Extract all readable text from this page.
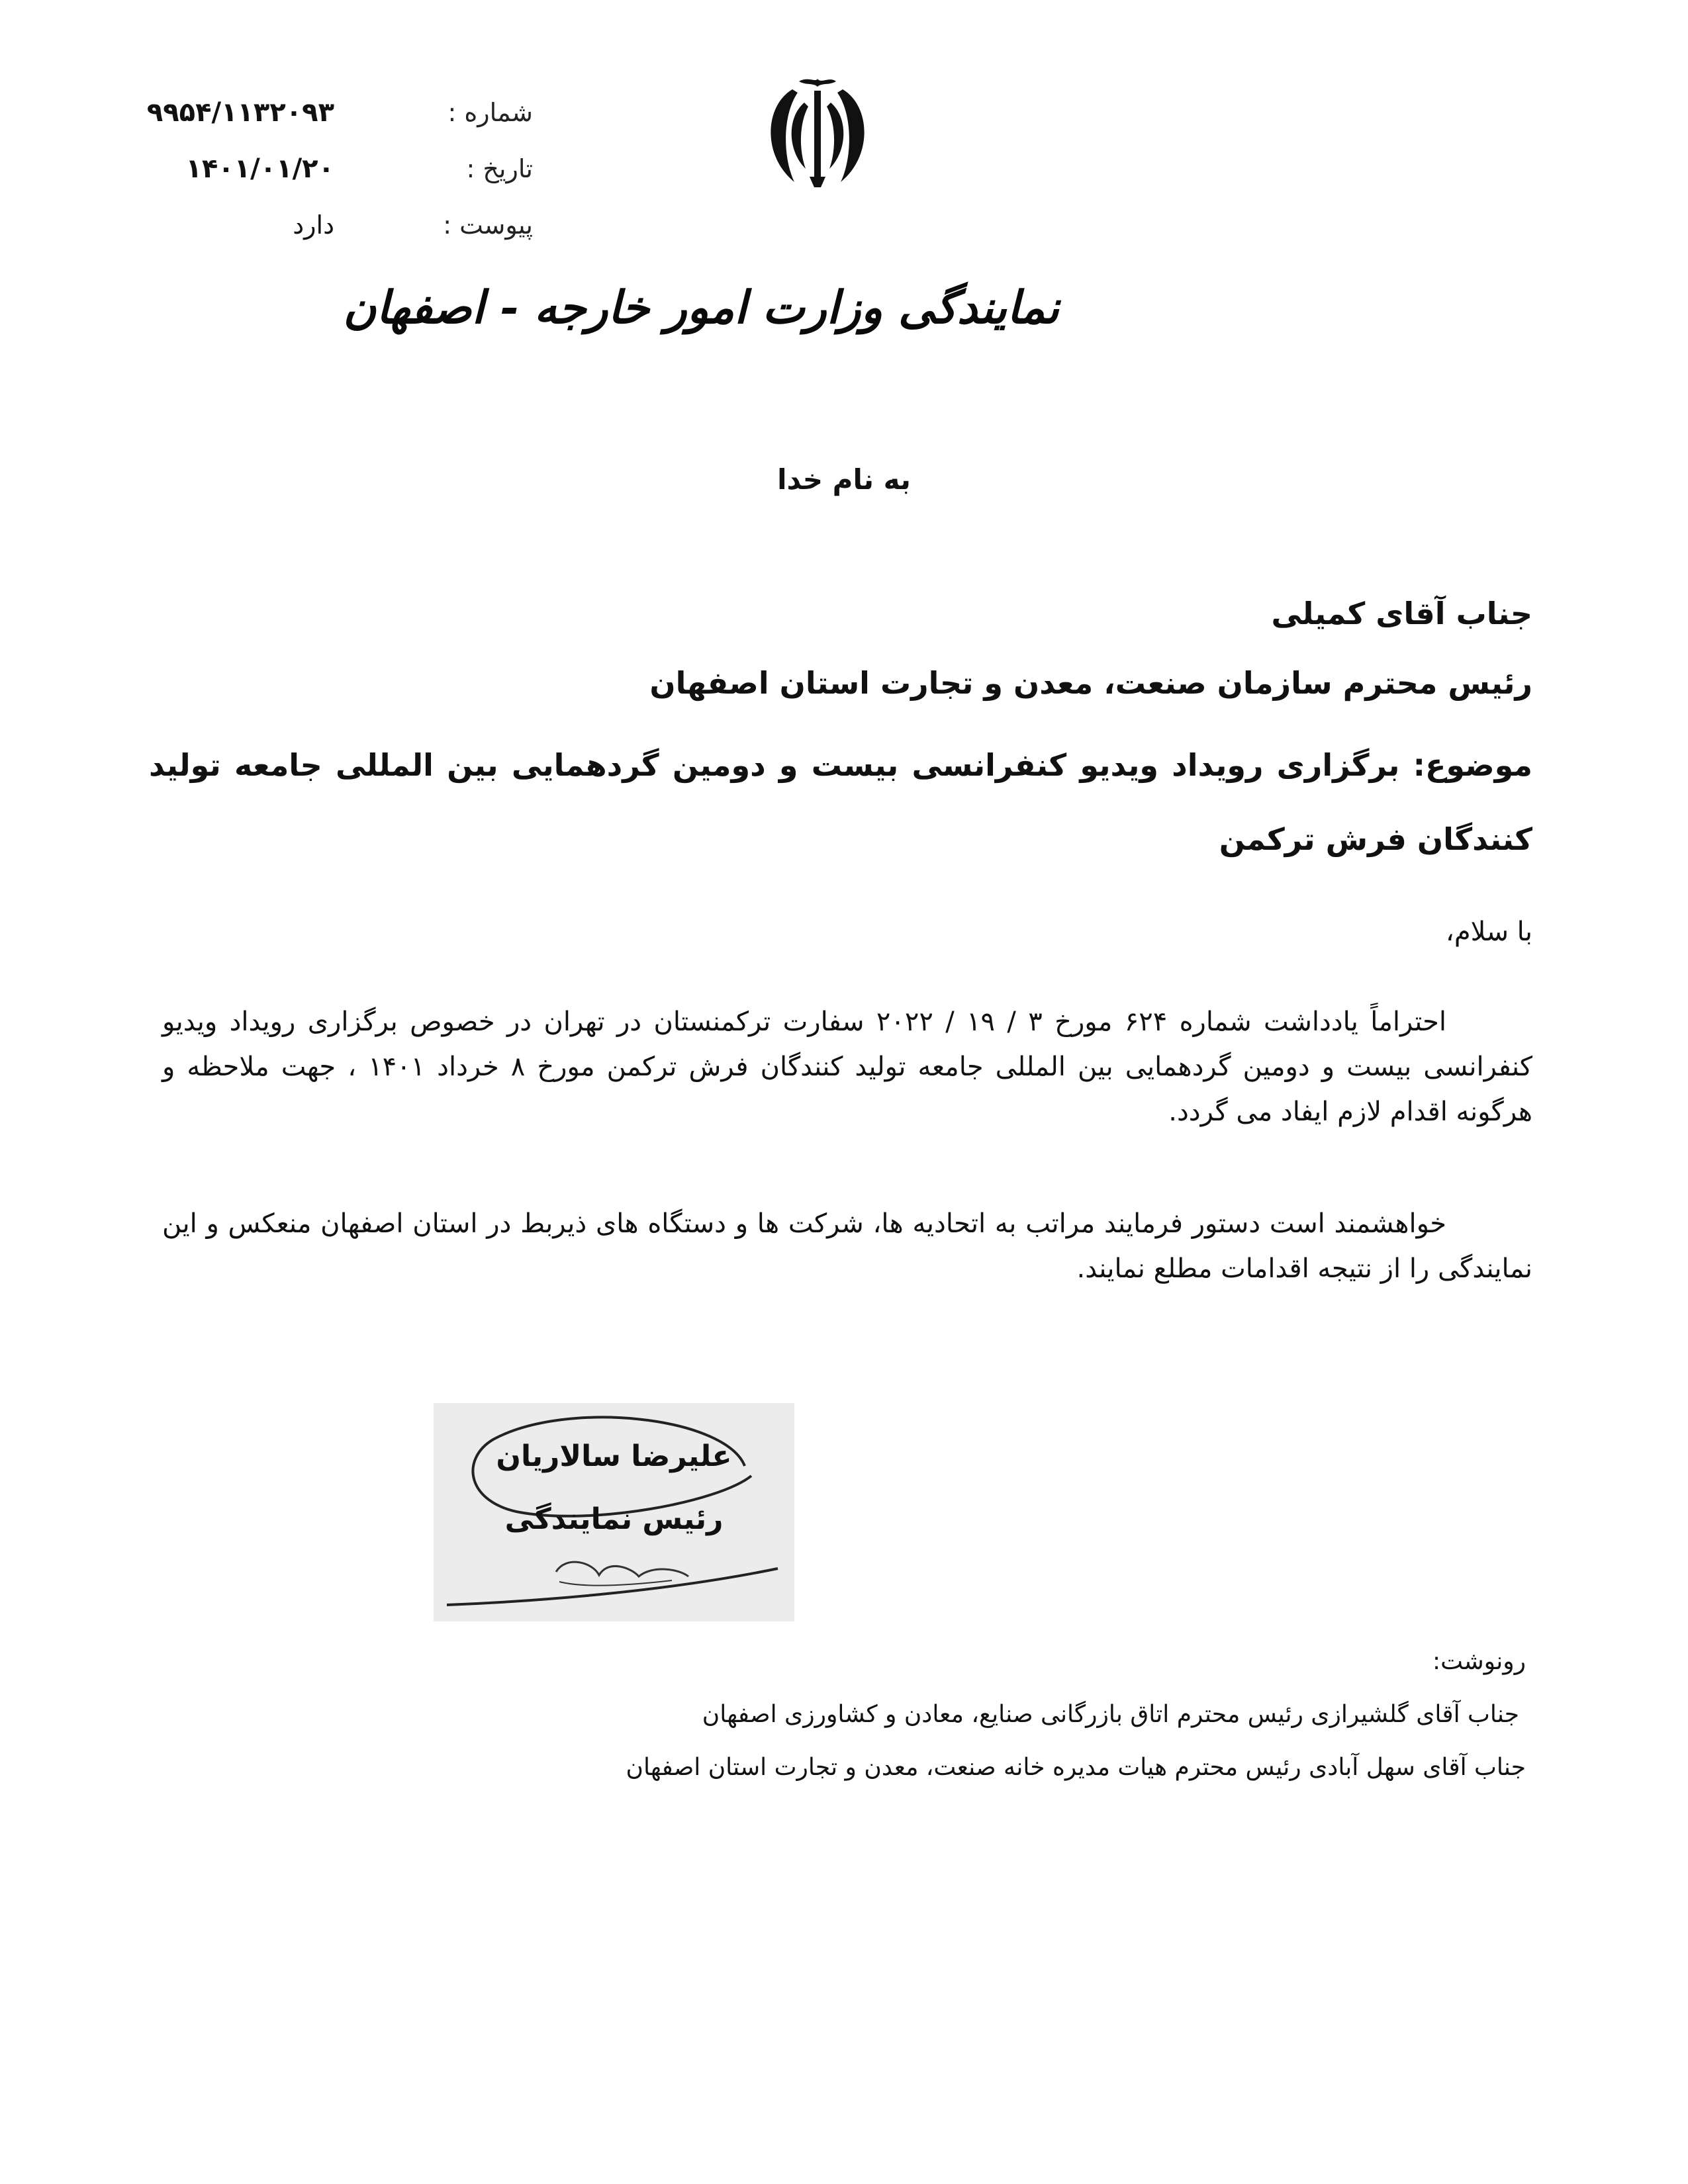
شماره :
۹۹۵۴/۱۱۳۲۰۹۳
تاریخ :
۱۴۰۱/۰۱/۲۰
پیوست :
دارد
نمایندگی وزارت امور خارجه - اصفهان
به نام خدا
جناب آقای کمیلی
رئیس محترم سازمان صنعت، معدن و تجارت استان اصفهان
موضوع: برگزاری رویداد ویدیو کنفرانسی بیست و دومین گردهمایی بین المللی جامعه تولید کنندگان فرش ترکمن
با سلام،
احتراماً یادداشت شماره ۶۲۴ مورخ ۳ / ۱۹ / ۲۰۲۲ سفارت ترکمنستان در تهران در خصوص برگزاری رویداد ویدیو کنفرانسی بیست و دومین گردهمایی بین المللی جامعه تولید کنندگان فرش ترکمن مورخ ۸ خرداد ۱۴۰۱ ، جهت ملاحظه و هرگونه اقدام لازم ایفاد می گردد.
خواهشمند است دستور فرمایند مراتب به اتحادیه ها، شرکت ها و دستگاه های ذیربط در استان اصفهان منعکس و این نمایندگی را از نتیجه اقدامات مطلع نمایند.
علیرضا سالاریان
رئیس نمایندگی
رونوشت:
جناب آقای گلشیرازی رئیس محترم اتاق بازرگانی صنایع، معادن و کشاورزی اصفهان
جناب آقای سهل آبادی رئیس محترم هیات مدیره خانه صنعت، معدن و تجارت استان اصفهان
